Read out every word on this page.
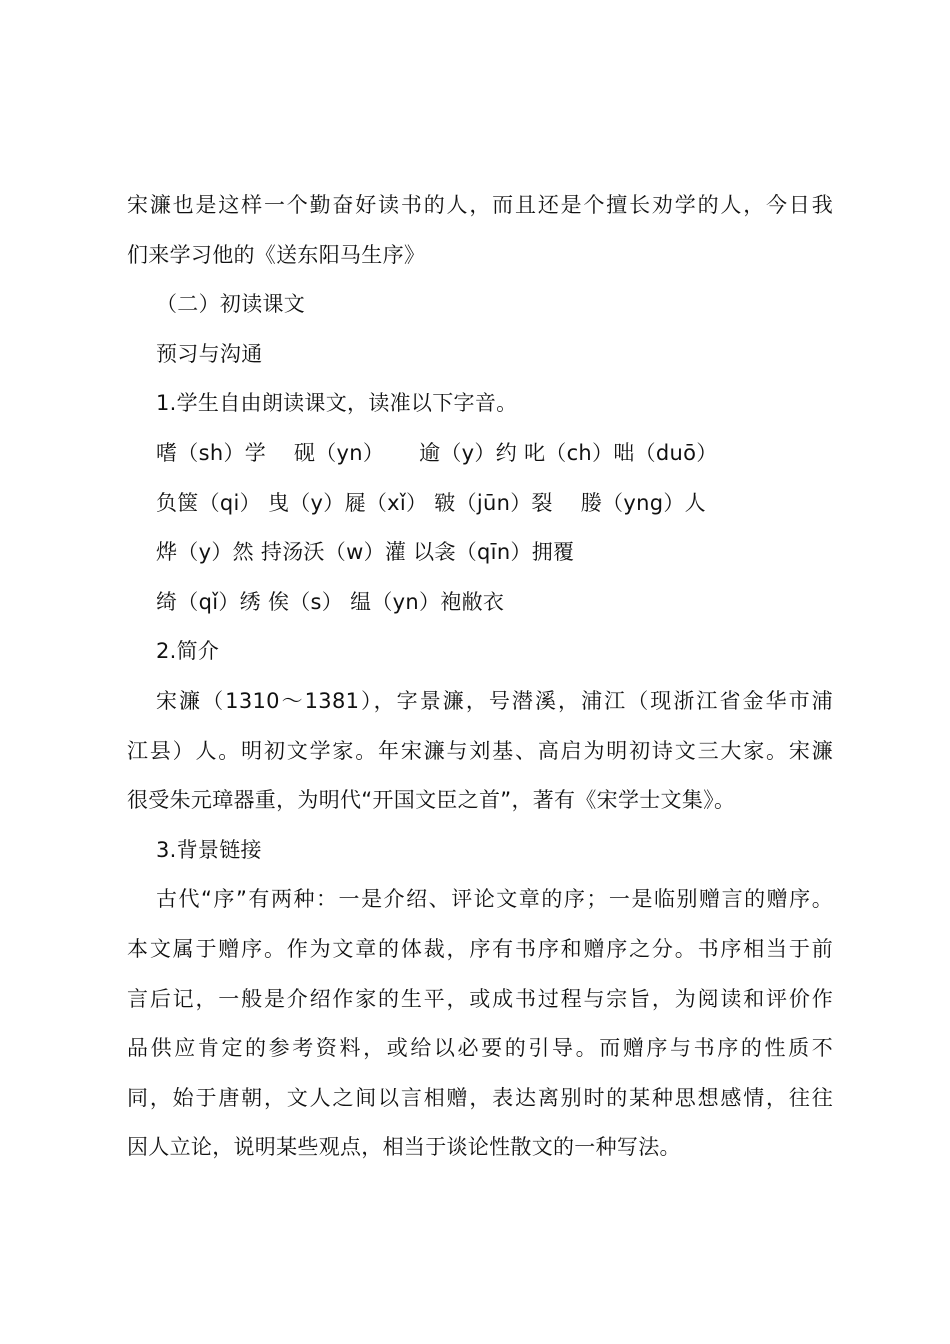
宋濂也是这样一个勤奋好读书的人，而且还是个擅长劝学的人，今日我
们来学习他的《送东阳马生序》
（二）初读课文
预习与沟通
1.学生自由朗读课文，读准以下字音。
嗜（sh）学    砚（yn）     逾（y）约 叱（ch）咄（duō）
负箧（qi） 曳（y）屣（xǐ） 皲（jūn）裂    媵（yng）人
烨（y）然 持汤沃（w）灌 以衾（qīn）拥覆
绮（qǐ）绣 俟（s） 缊（yn）袍敝衣
2.简介
宋濂（1310～1381），字景濂，号潜溪，浦江（现浙江省金华市浦
江县）人。明初文学家。年宋濂与刘基、高启为明初诗文三大家。宋濂
很受朱元璋器重，为明代“开国文臣之首”，著有《宋学士文集》。
3.背景链接
古代“序”有两种：一是介绍、评论文章的序；一是临别赠言的赠序。
本文属于赠序。作为文章的体裁，序有书序和赠序之分。书序相当于前
言后记，一般是介绍作家的生平，或成书过程与宗旨，为阅读和评价作
品供应肯定的参考资料，或给以必要的引导。而赠序与书序的性质不
同，始于唐朝，文人之间以言相赠，表达离别时的某种思想感情，往往
因人立论，说明某些观点，相当于谈论性散文的一种写法。
